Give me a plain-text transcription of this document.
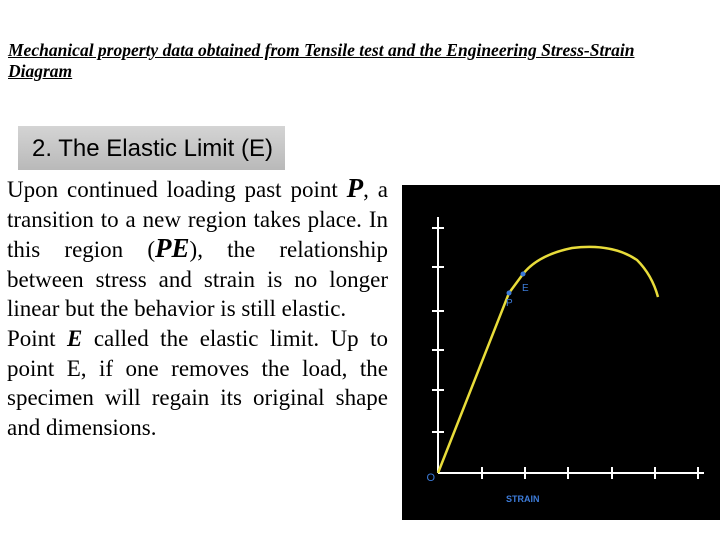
Mechanical property data obtained from Tensile test and the Engineering Stress-Strain Diagram
2. The Elastic Limit (E)

Upon continued loading past point P, a transition to a new region takes place. In this region (PE), the relationship between stress and strain is no longer linear but the behavior is still elastic.

Point E called the elastic limit. Up to point E, if one removes the load, the specimen will regain its original shape and dimensions.

O
P
E
STRAIN
